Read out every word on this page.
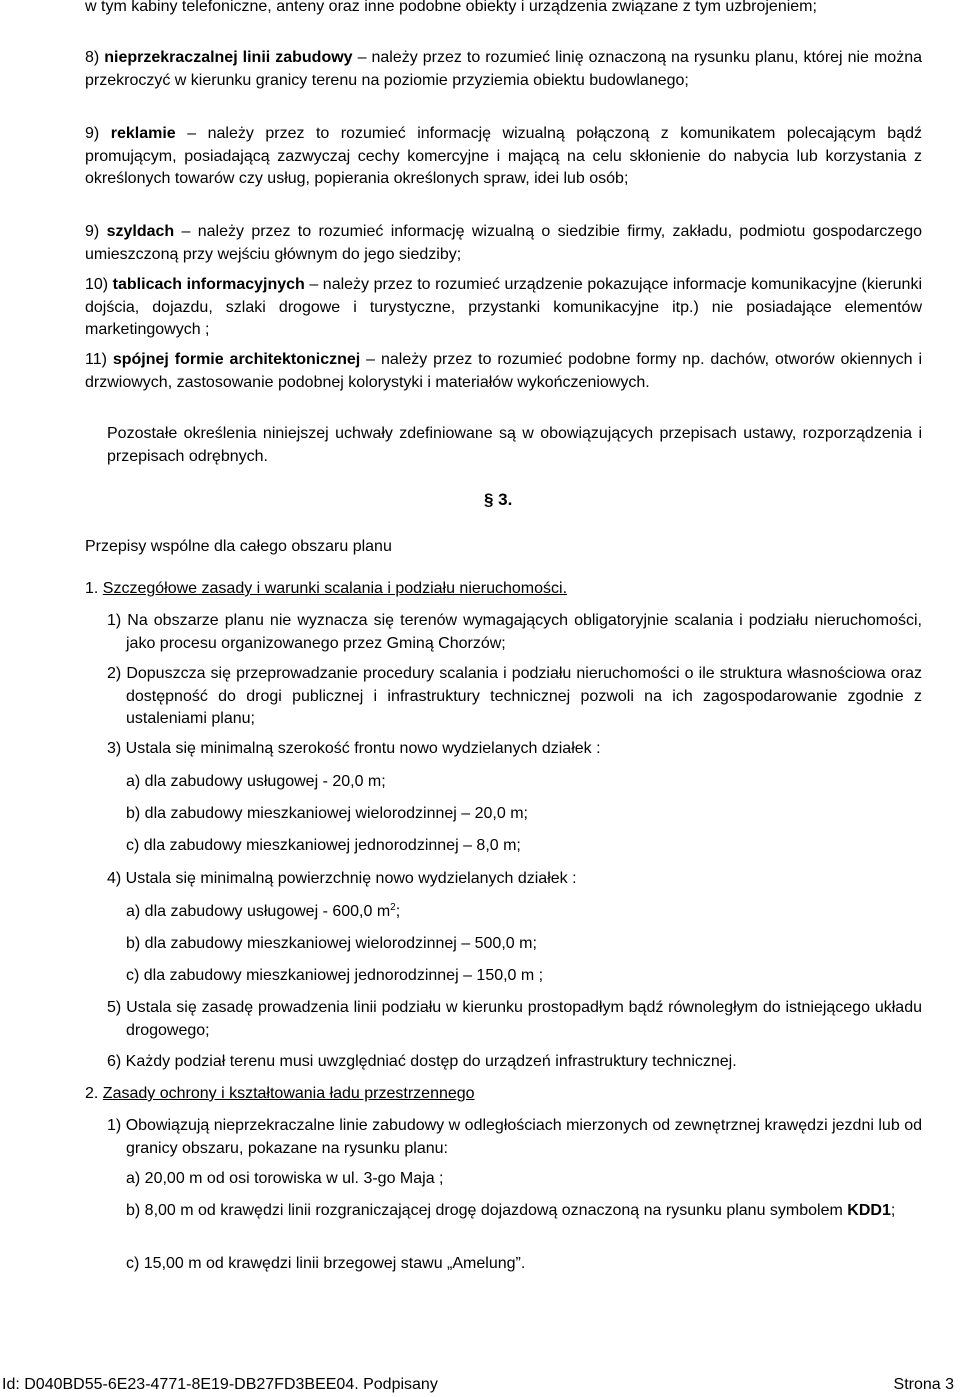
w tym kabiny telefoniczne, anteny oraz inne podobne obiekty i urządzenia związane z tym uzbrojeniem;
8) nieprzekraczalnej linii zabudowy – należy przez to rozumieć linię oznaczoną na rysunku planu, której nie można przekroczyć w kierunku granicy terenu na poziomie przyziemia obiektu budowlanego;
9) reklamie – należy przez to rozumieć informację wizualną połączoną z komunikatem polecającym bądź promującym, posiadającą zazwyczaj cechy komercyjne i mającą na celu skłonienie do nabycia lub korzystania z określonych towarów czy usług, popierania określonych spraw, idei lub osób;
9) szyldach – należy przez to rozumieć informację wizualną o siedzibie firmy, zakładu, podmiotu gospodarczego umieszczoną przy wejściu głównym do jego siedziby;
10) tablicach informacyjnych – należy przez to rozumieć urządzenie pokazujące informacje komunikacyjne (kierunki dojścia, dojazdu, szlaki drogowe i turystyczne, przystanki komunikacyjne itp.) nie posiadające elementów marketingowych ;
11) spójnej formie architektonicznej – należy przez to rozumieć podobne formy np. dachów, otworów okiennych i drzwiowych, zastosowanie podobnej kolorystyki i materiałów wykończeniowych.
Pozostałe określenia niniejszej uchwały zdefiniowane są w obowiązujących przepisach ustawy, rozporządzenia i przepisach odrębnych.
§ 3.
Przepisy wspólne dla całego obszaru planu
1. Szczegółowe zasady i warunki scalania i podziału nieruchomości.
1) Na obszarze planu nie wyznacza się terenów wymagających obligatoryjnie scalania i podziału nieruchomości, jako procesu organizowanego przez Gminą Chorzów;
2) Dopuszcza się przeprowadzanie procedury scalania i podziału nieruchomości o ile struktura własnościowa oraz dostępność do drogi publicznej i infrastruktury technicznej pozwoli na ich zagospodarowanie zgodnie z ustaleniami planu;
3) Ustala się minimalną szerokość frontu nowo wydzielanych działek :
a) dla zabudowy usługowej - 20,0 m;
b) dla zabudowy mieszkaniowej wielorodzinnej – 20,0 m;
c) dla zabudowy mieszkaniowej jednorodzinnej – 8,0 m;
4) Ustala się minimalną powierzchnię nowo wydzielanych działek :
a) dla zabudowy usługowej - 600,0 $m^2$;
b) dla zabudowy mieszkaniowej wielorodzinnej – 500,0 m;
c) dla zabudowy mieszkaniowej jednorodzinnej – 150,0 m ;
5) Ustala się zasadę prowadzenia linii podziału w kierunku prostopadłym bądź równoległym do istniejącego układu drogowego;
6) Każdy podział terenu musi uwzględniać dostęp do urządzeń infrastruktury technicznej.
2. Zasady ochrony i kształtowania ładu przestrzennego
1) Obowiązują nieprzekraczalne linie zabudowy w odległościach mierzonych od zewnętrznej krawędzi jezdni lub od granicy obszaru, pokazane na rysunku planu:
a) 20,00 m od osi torowiska w ul. 3-go Maja ;
b) 8,00 m od krawędzi linii rozgraniczającej drogę dojazdową oznaczoną na rysunku planu symbolem KDD1;
c) 15,00 m od krawędzi linii brzegowej stawu „Amelung”.
Id: D040BD55-6E23-4771-8E19-DB27FD3BEE04. Podpisany	Strona 3
